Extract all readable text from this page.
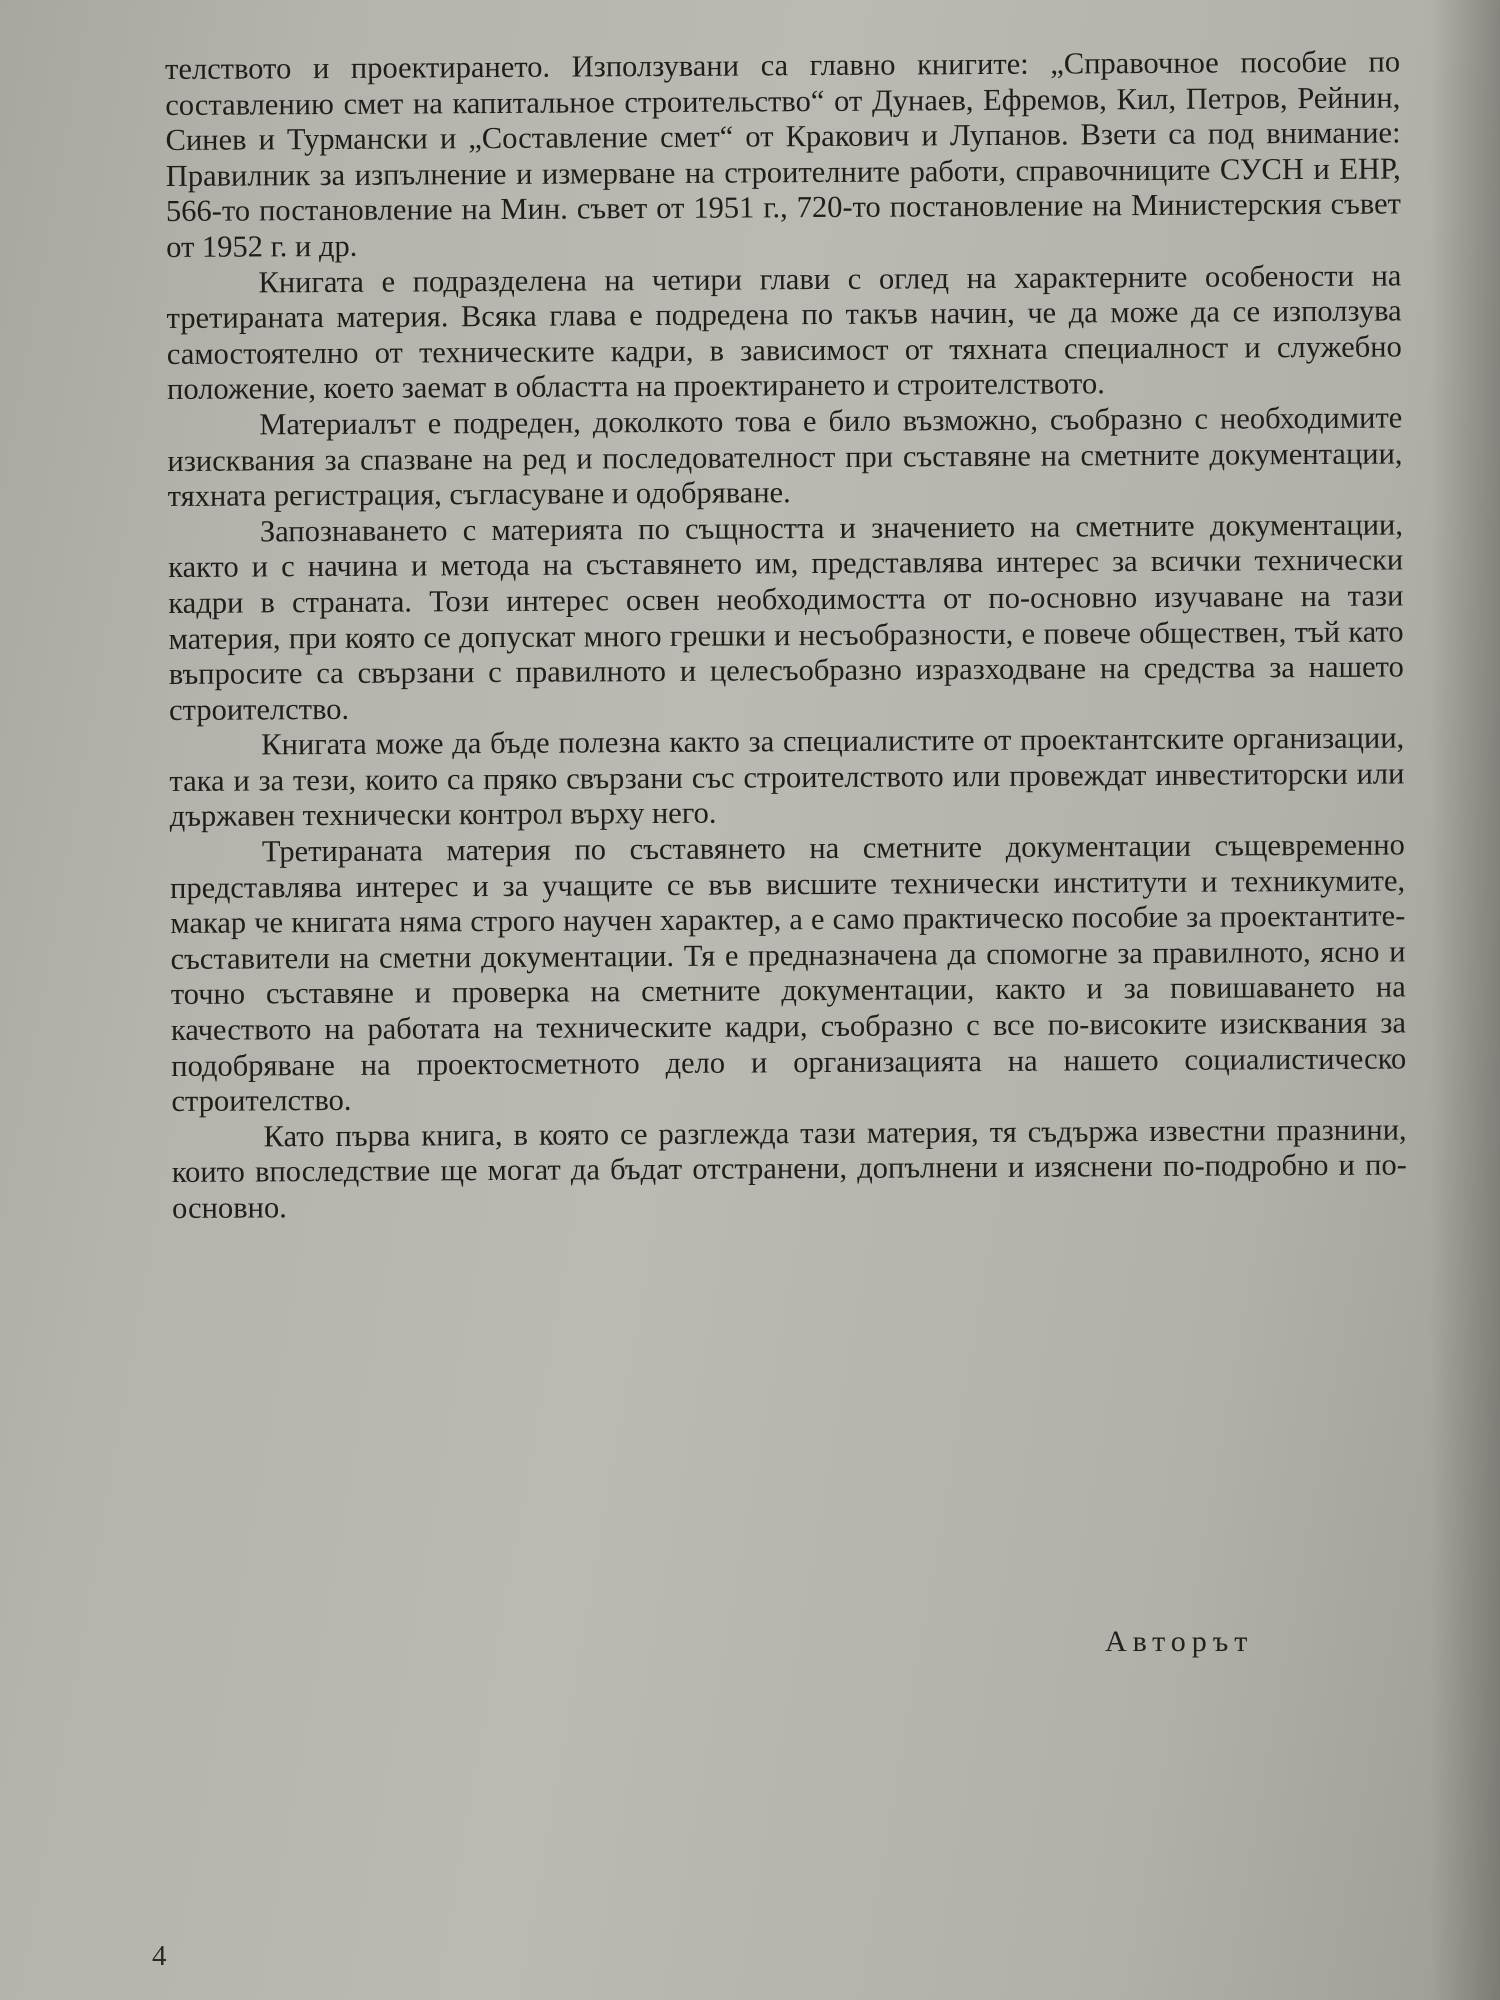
телството и проектирането. Използувани са главно книгите: „Справочное пособие по составлению смет на капитальное строительство“ от Дунаев, Ефремов, Кил, Петров, Рейнин, Синев и Турмански и „Составление смет“ от Кракович и Лупанов. Взети са под внимание: Правилник за изпълнение и измерване на строителните работи, справочниците СУСН и ЕНР, 566-то постановление на Мин. съвет от 1951 г., 720-то постановление на Министерския съвет от 1952 г. и др.

Книгата е подразделена на четири глави с оглед на характерните особености на третираната материя. Всяка глава е подредена по такъв начин, че да може да се използува самостоятелно от техническите кадри, в зависимост от тяхната специалност и служебно положение, което заемат в областта на проектирането и строителството.

Материалът е подреден, доколкото това е било възможно, съобразно с необходимите изисквания за спазване на ред и последователност при съставяне на сметните документации, тяхната регистрация, съгласуване и одобряване.

Запознаването с материята по същността и значението на сметните документации, както и с начина и метода на съставянето им, представлява интерес за всички технически кадри в страната. Този интерес освен необходимостта от по-основно изучаване на тази материя, при която се допускат много грешки и несъобразности, е повече обществен, тъй като въпросите са свързани с правилното и целесъобразно изразходване на средства за нашето строителство.

Книгата може да бъде полезна както за специалистите от проектантските организации, така и за тези, които са пряко свързани със строителството или провеждат инвеститорски или държавен технически контрол върху него.

Третираната материя по съставянето на сметните документации същевременно представлява интерес и за учащите се във висшите технически институти и техникумите, макар че книгата няма строго научен характер, а е само практическо пособие за проектантите-съставители на сметни документации. Тя е предназначена да спомогне за правилното, ясно и точно съставяне и проверка на сметните документации, както и за повишаването на качеството на работата на техническите кадри, съобразно с все по-високите изисквания за подобряване на проектосметното дело и организацията на нашето социалистическо строителство.

Като първа книга, в която се разглежда тази материя, тя съдържа известни празнини, които впоследствие ще могат да бъдат отстранени, допълнени и изяснени по-подробно и по-основно.

Авторът
4
